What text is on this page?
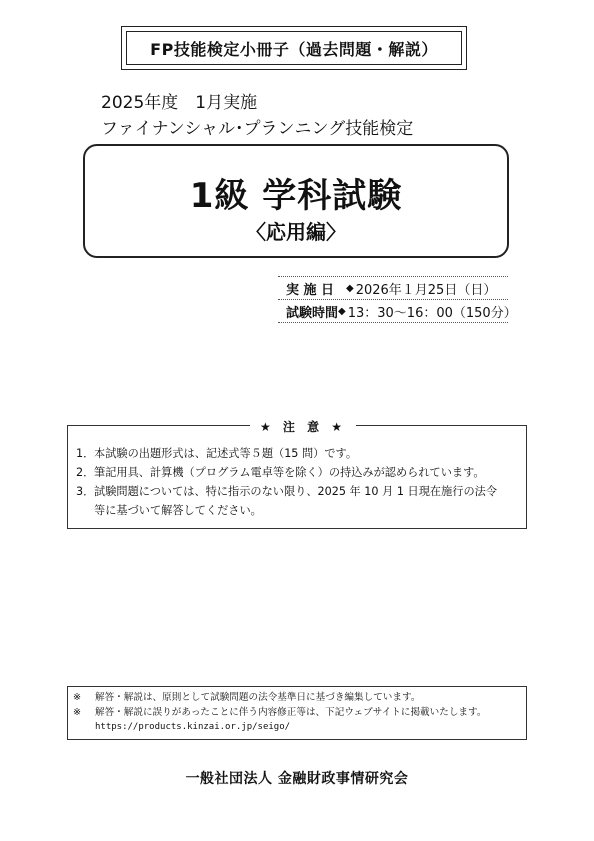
FP技能検定小冊子（過去問題・解説）
2025年度　1月実施
ファイナンシャル･プランニング技能検定
1級 学科試験
〈応用編〉
実 施 日	◆ 2026年１月25日（日）
試験時間 ◆ 13：30～16：00（150分）
★ 注 意 ★
1． 本試験の出題形式は、記述式等５題（15 問）です。
2． 筆記用具、計算機（プログラム電卓等を除く）の持込みが認められています。
3． 試験問題については、特に指示のない限り、2025 年 10 月 1 日現在施行の法令
等に基づいて解答してください。
※	解答・解説は、原則として試験問題の法令基準日に基づき編集しています。
※	解答・解説に誤りがあったことに伴う内容修正等は、下記ウェブサイトに掲載いたします。
https://products.kinzai.or.jp/seigo/
一般社団法人 金融財政事情研究会
